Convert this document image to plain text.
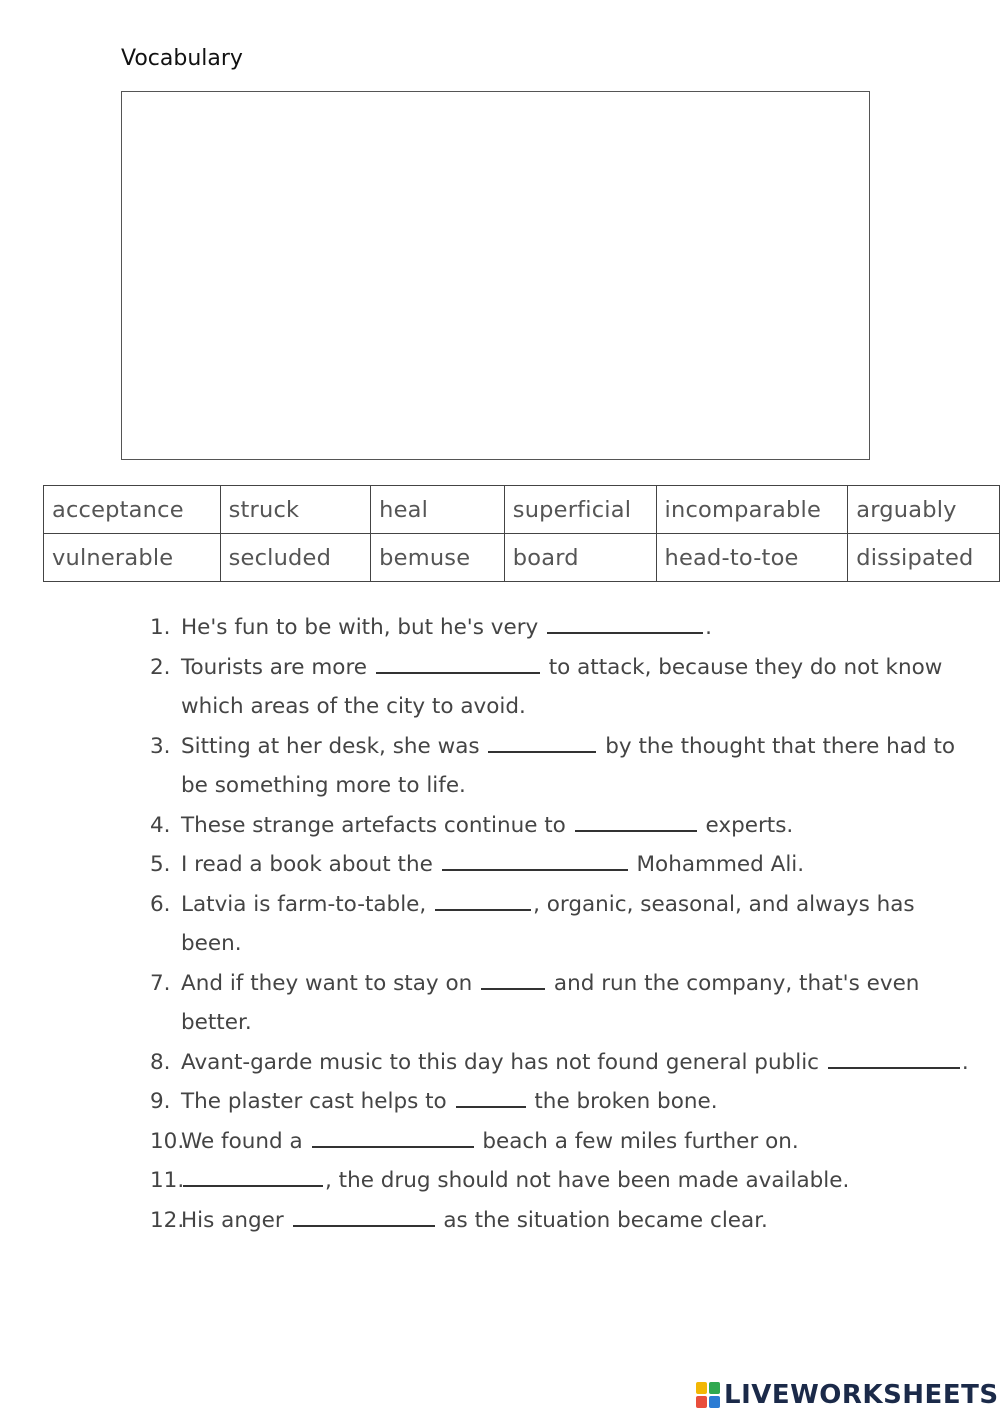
Vocabulary
acceptance	struck	heal	superficial	incomparable	arguably
vulnerable	secluded	bemuse	board	head-to-toe	dissipated
1. He's fun to be with, but he's very	.
2. Tourists are more	to attack, because they do not know which areas of the city to avoid.
3. Sitting at her desk, she was	by the thought that there had to be something more to life.
4. These strange artefacts continue to	experts.
5. I read a book about the	Mohammed Ali.
6. Latvia is farm-to-table,	, organic, seasonal, and always has been.
7. And if they want to stay on	and run the company, that's even better.
8. Avant-garde music to this day has not found general public	.
9. The plaster cast helps to	the broken bone.
10.
We found a	beach a few miles further on.
11.	, the drug should not have been made available.
12.
His anger	as the situation became clear.
LIVEWORKSHEETS
